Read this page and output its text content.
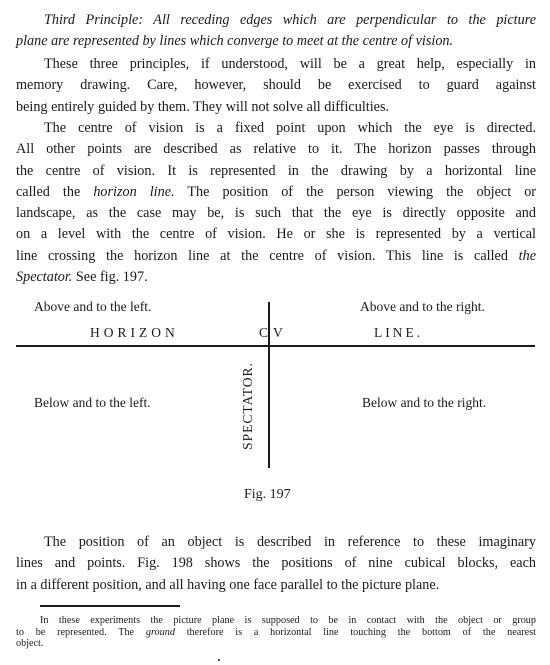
Third Principle: All receding edges which are perpendicular to the picture
plane are represented by lines which converge to meet at the centre of vision.

These three principles, if understood, will be a great help, especially in
memory drawing. Care, however, should be exercised to guard against
being entirely guided by them. They will not solve all difficulties.

The centre of vision is a fixed point upon which the eye is directed.
All other points are described as relative to it. The horizon passes through
the centre of vision. It is represented in the drawing by a horizontal line
called the horizon line. The position of the person viewing the object or
landscape, as the case may be, is such that the eye is directly opposite and
on a level with the centre of vision. He or she is represented by a vertical
line crossing the horizon line at the centre of vision. This line is called the
Spectator. See fig. 197.

Above and to the left.	Above and to the right.
HORIZON	C V	LINE.
Below and to the left.	Below and to the right.
SPECTATOR.
Fig. 197

The position of an object is described in reference to these imaginary
lines and points. Fig. 198 shows the positions of nine cubical blocks, each
in a different position, and all having one face parallel to the picture plane.

In these experiments the picture plane is supposed to be in contact with the object or group
to be represented. The ground therefore is a horizontal line touching the bottom of the nearest
object.
